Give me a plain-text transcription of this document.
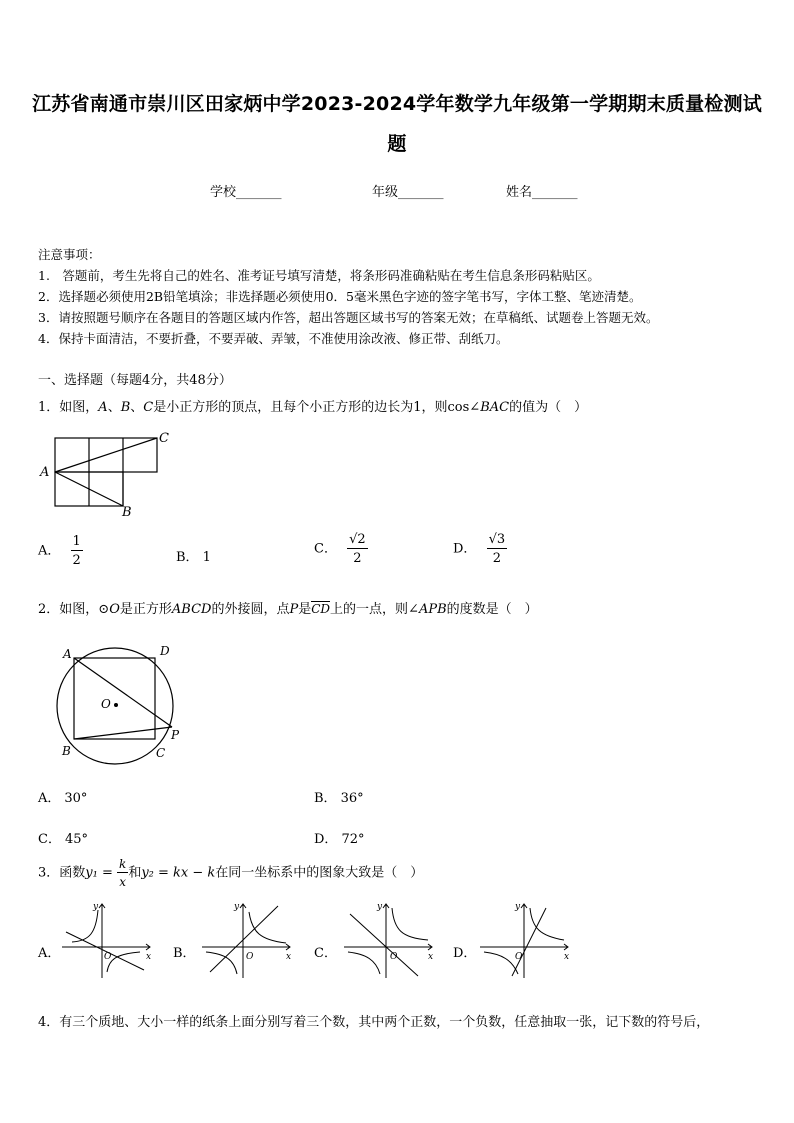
江苏省南通市崇川区田家炳中学2023-2024学年数学九年级第一学期期末质量检测试
题
学校_______	年级_______	姓名_______
注意事项：
1.　答题前，考生先将自己的姓名、准考证号填写清楚，将条形码准确粘贴在考生信息条形码粘贴区。
2．选择题必须使用2B铅笔填涂；非选择题必须使用0．5毫米黑色字迹的签字笔书写，字体工整、笔迹清楚。
3．请按照题号顺序在各题目的答题区域内作答，超出答题区域书写的答案无效；在草稿纸、试题卷上答题无效。
4．保持卡面清洁，不要折叠，不要弄破、弄皱，不准使用涂改液、修正带、刮纸刀。
一、选择题（每题4分，共48分）
1．如图，A、B、C是小正方形的顶点，且每个小正方形的边长为1，则cos∠BAC的值为（　）
A
B
C
A． $\frac{1}{2}$	B． 1
C． $\frac{√2}{2}$	D． $\frac{√3}{2}$
2．如图，⊙O是正方形ABCD的外接圆，点P是CD上的一点，则∠APB的度数是（　）
A	D
B	C
O
P
A． 30°	B． 36°
C． 45°	D． 72°
3．函数$y_1 = \frac{k}{x}$ 和y₂ = kx − k在同一坐标系中的图象大致是（　）
A．
y
x
O	B．
y
x
O	C．
y
x
O	D．
y
x
O
4．有三个质地、大小一样的纸条上面分别写着三个数，其中两个正数，一个负数，任意抽取一张，记下数的符号后，
